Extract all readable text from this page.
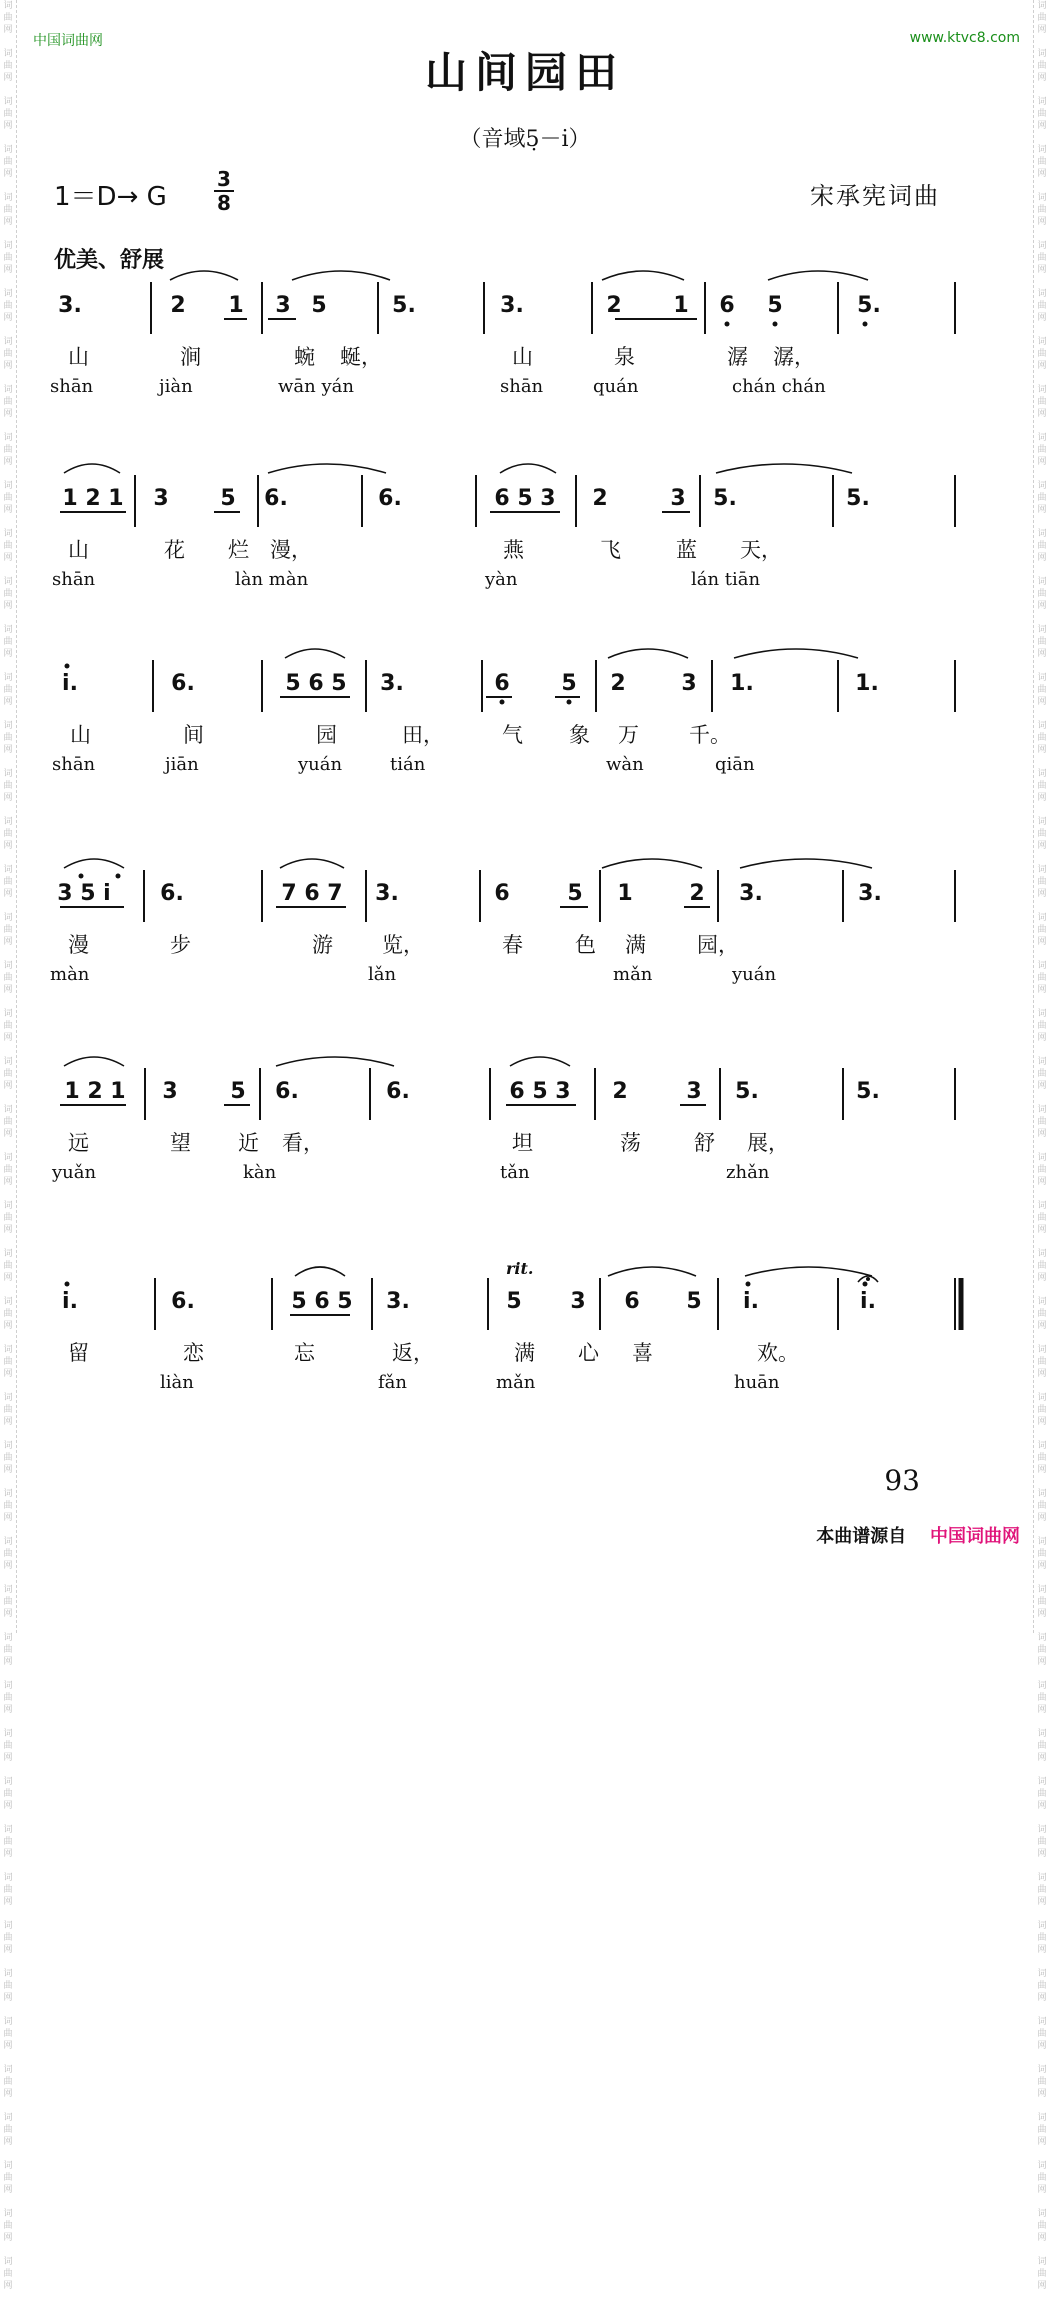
词
曲
网

词
曲
网

词
曲
网

词
曲
网

词
曲
网

词
曲
网

词
曲
网

词
曲
网

词
曲
网

词
曲
网

词
曲
网

词
曲
网

词
曲
网

词
曲
网

词
曲
网

词
曲
网

词
曲
网

词
曲
网

词
曲
网

词
曲
网

词
曲
网

词
曲
网

词
曲
网

词
曲
网

词
曲
网

词
曲
网

词
曲
网

词
曲
网

词
曲
网

词
曲
网

词
曲
网

词
曲
网

词
曲
网

词
曲
网

词
曲
网

词
曲
网

词
曲
网

词
曲
网

词
曲
网

词
曲
网

词
曲
网

词
曲
网

词
曲
网

词
曲
网

词
曲
网

词
曲
网

词
曲
网

词
曲
网

词
曲
网

词
曲
网

词
曲
网

词
曲
网

词
曲
网

词
曲
网

词
曲
网

词
曲
网

词
曲
网

词
曲
网

词
曲
网

词
曲
网

词
曲
网

词
曲
网

词
曲
网

词
曲
网

词
曲
网

词
曲
网

词
曲
网

词
曲
网

词
曲
网

词
曲
网

词
曲
网

词
曲
网

词
曲
网

词
曲
网

词
曲
网

词
曲
网

词
曲
网

词
曲
网

词
曲
网

词
曲
网

词
曲
网

词
曲
网

词
曲
网

词
曲
网

词
曲
网

词
曲
网

词
曲
网

词
曲
网

词
曲
网

词
曲
网

词
曲
网

词
曲
网

词
曲
网

词
曲
网

词
曲
网

词
曲
网

中国词曲网	www.ktvc8.com
山间园田
（音域5̣－i̇）
1＝D→ G
3
8	宋承宪词曲
优美、舒展
3.	2 1 3 5	5.	3.	2 1 6 5	5.
山	涧	蜿 蜒，	山	泉	潺 潺，
shān	jiàn	wān yán	shān	quán	chán chán
1 2 1 3 5 6.	6.	6 5 3 2	3 5.	5.
山	花 烂 漫，	燕	飞	蓝 天，
shān	làn màn	yàn	lán tiān
i.	6.	5 6 5 3.	6 5 2	3 1.	1.
山	间	园	田，	气 象 万 千。
shān	jiān	yuán	tián	wàn	qiān
3 5 i 6.	7 6 7 3.	6	5 1	2 3.	3.
漫	步	游 览，	春 色 满 园，
màn	lǎn	mǎn	yuán
1 2 1 3 5 6.	6.	6 5 3 2	3 5.	5.
远	望 近 看，	坦	荡	舒 展，
yuǎn	kàn	tǎn	zhǎn
i.	6.	5 6 5 3.	5 3 6 5 i.	i.
留	恋	忘	返，	满 心 喜	欢。
liàn	fǎn	mǎn	huān
rit.
93
本曲谱源自 中国词曲网
